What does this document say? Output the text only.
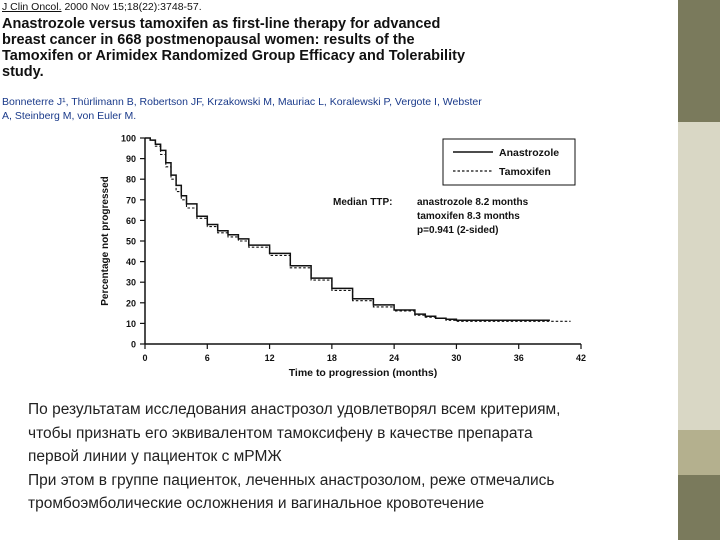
J Clin Oncol. 2000 Nov 15;18(22):3748-57.
Anastrozole versus tamoxifen as first-line therapy for advanced
breast cancer in 668 postmenopausal women: results of the
Tamoxifen or Arimidex Randomized Group Efficacy and Tolerability
study.
Bonneterre J¹, Thürlimann B, Robertson JF, Krzakowski M, Mauriac L, Koralewski P, Vergote I, Webster
A, Steinberg M, von Euler M.
0
10
20
30
40
50
60
70
80
90
100
0	6	12	18	24	30	36	42
Percentage not progressed
Time to progression (months)
Anastrozole
Tamoxifen
Median TTP: anastrozole 8.2 months
tamoxifen 8.3 months
p=0.941 (2-sided)

По результатам исследования анастрозол удовлетворял всем критериям,

чтобы признать его эквивалентом тамоксифену в качестве препарата

первой линии у пациенток с мРМЖ

При этом в группе пациенток, леченных анастрозолом, реже отмечались

тромбоэмболические осложнения и вагинальное кровотечение
